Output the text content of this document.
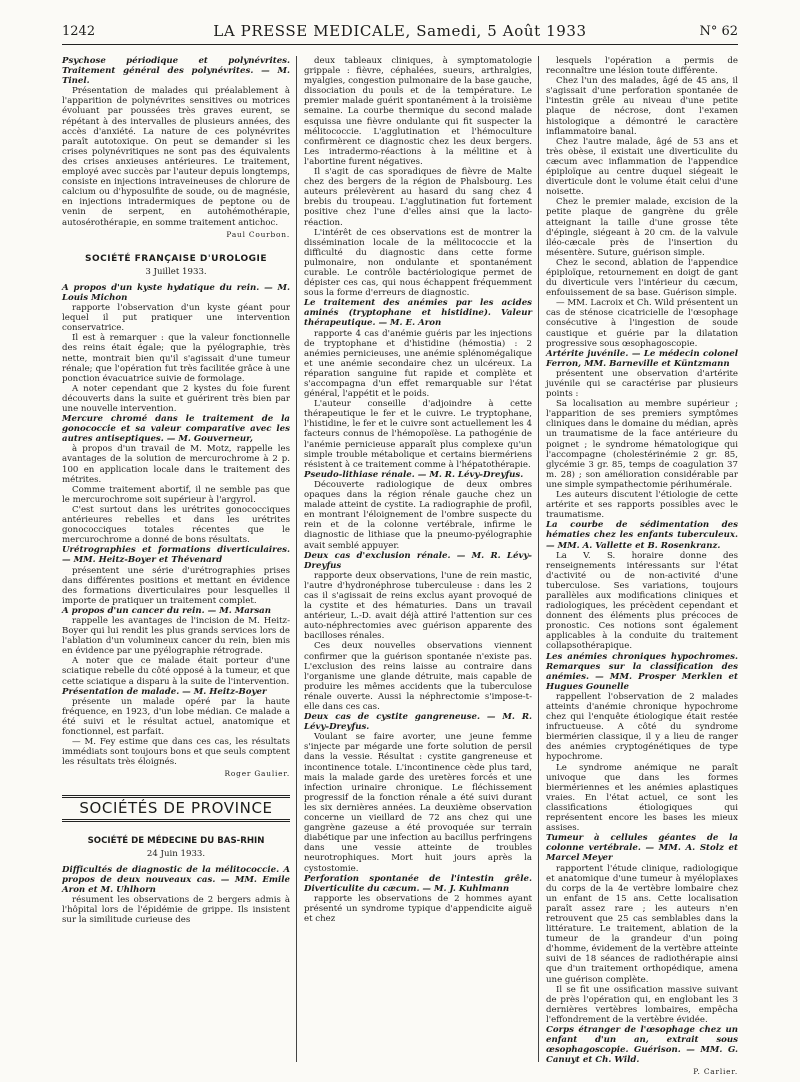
1242	LA PRESSE MEDICALE, Samedi, 5 Août 1933	N° 62

Psychose périodique et polynévrites. Traitement général des polynévrites. — M. Tinel.

Présentation de malades qui préalablement à l'apparition de polynévrites sensitives ou motrices évoluant par poussées très graves eurent, se répétant à des intervalles de plusieurs années, des accès d'anxiété. La nature de ces polynévrites paraît autotoxique. On peut se demander si les crises polynévritiques ne sont pas des équivalents des crises anxieuses antérieures. Le traitement, employé avec succès par l'auteur depuis longtemps, consiste en injections intraveineuses de chlorure de calcium ou d'hyposulfite de soude, ou de magnésie, en injections intradermiques de peptone ou de venin de serpent, en autohémothérapie, autosérothérapie, en somme traitement antichoc.

Paul Courbon.

SOCIÉTÉ FRANÇAISE D'UROLOGIE

3 Juillet 1933.

A propos d'un kyste hydatique du rein. — M. Louis Michon

rapporte l'observation d'un kyste géant pour lequel il put pratiquer une intervention conservatrice.

Il est à remarquer : que la valeur fonctionnelle des reins était égale; que la pyélographie, très nette, montrait bien qu'il s'agissait d'une tumeur rénale; que l'opération fut très facilitée grâce à une ponction évacuatrice suivie de formolage.

A noter cependant que 2 kystes du foie furent découverts dans la suite et guérirent très bien par une nouvelle intervention.

Mercure chromé dans le traitement de la gonococcie et sa valeur comparative avec les autres antiseptiques. — M. Gouverneur,

à propos d'un travail de M. Motz, rappelle les avantages de la solution de mercurochrome à 2 p. 100 en application locale dans le traitement des métrites.

Comme traitement abortif, il ne semble pas que le mercurochrome soit supérieur à l'argyrol.

C'est surtout dans les urétrites gonococciques antérieures rebelles et dans les urétrites gonococciques totales récentes que le mercurochrome a donné de bons résultats.

Urétrographies et formations diverticulaires. — MM. Heitz-Boyer et Thévenard

présentent une série d'urétrographies prises dans différentes positions et mettant en évidence des formations diverticulaires pour lesquelles il importe de pratiquer un traitement complet.

A propos d'un cancer du rein. — M. Marsan

rappelle les avantages de l'incision de M. Heitz-Boyer qui lui rendit les plus grands services lors de l'ablation d'un volumineux cancer du rein, bien mis en évidence par une pyélographie rétrograde.

A noter que ce malade était porteur d'une sciatique rebelle du côté opposé à la tumeur, et que cette sciatique a disparu à la suite de l'intervention.

Présentation de malade. — M. Heitz-Boyer

présente un malade opéré par la haute fréquence, en 1923, d'un lobe médian. Ce malade a été suivi et le résultat actuel, anatomique et fonctionnel, est parfait.

— M. Fey estime que dans ces cas, les résultats immédiats sont toujours bons et que seuls comptent les résultats très éloignés.

Roger Gaulier.

SOCIÉTÉS DE PROVINCE
SOCIÉTÉ DE MÉDECINE DU BAS-RHIN

24 Juin 1933.

Difficultés de diagnostic de la mélitococcie. A propos de deux nouveaux cas. — MM. Emile Aron et M. Uhlhorn

résument les observations de 2 bergers admis à l'hôpital lors de l'épidémie de grippe. Ils insistent sur la similitude curieuse des

deux tableaux cliniques, à symptomatologie grippale : fièvre, céphalées, sueurs, arthralgies, myalgies, congestion pulmonaire de la base gauche, dissociation du pouls et de la température. Le premier malade guérit spontanément à la troisième semaine. La courbe thermique du second malade esquissa une fièvre ondulante qui fit suspecter la mélitococcie. L'agglutination et l'hémoculture confirmèrent ce diagnostic chez les deux bergers. Les intradermo-réactions à la mélitine et à l'abortine furent négatives.

Il s'agit de cas sporadiques de fièvre de Malte chez des bergers de la région de Phalsbourg. Les auteurs prélevèrent au hasard du sang chez 4 brebis du troupeau. L'agglutination fut fortement positive chez l'une d'elles ainsi que la lacto-réaction.

L'intérêt de ces observations est de montrer la dissémination locale de la mélitococcie et la difficulté du diagnostic dans cette forme pulmonaire, non ondulante et spontanément curable. Le contrôle bactériologique permet de dépister ces cas, qui nous échappent fréquemment sous la forme d'erreurs de diagnostic.

Le traitement des anémies par les acides aminés (tryptophane et histidine). Valeur thérapeutique. — M. E. Aron

rapporte 4 cas d'anémie guéris par les injections de tryptophane et d'histidine (hémostia) : 2 anémies pernicieuses, une anémie splénomégalique et une anémie secondaire chez un ulcéreux. La réparation sanguine fut rapide et complète et s'accompagna d'un effet remarquable sur l'état général, l'appétit et le poids.

L'auteur conseille d'adjoindre à cette thérapeutique le fer et le cuivre. Le tryptophane, l'histidine, le fer et le cuivre sont actuellement les 4 facteurs connus de l'hémopoïèse. La pathogénie de l'anémie pernicieuse apparaît plus complexe qu'un simple trouble métabolique et certains biermériens résistent à ce traitement comme à l'hépatothérapie.

Pseudo-lithiase rénale. — M. R. Lévy-Dreyfus.

Découverte radiologique de deux ombres opaques dans la région rénale gauche chez un malade atteint de cystite. La radiographie de profil, en montrant l'éloignement de l'ombre suspecte du rein et de la colonne vertébrale, infirme le diagnostic de lithiase que la pneumo-pyélographie avait semblé appuyer.

Deux cas d'exclusion rénale. — M. R. Lévy-Dreyfus

rapporte deux observations, l'une de rein mastic, l'autre d'hydronéphrose tuberculeuse : dans les 2 cas il s'agissait de reins exclus ayant provoqué de la cystite et des hématuries. Dans un travail antérieur, L.-D. avait déjà attiré l'attention sur ces auto-néphrectomies avec guérison apparente des bacilloses rénales.

Ces deux nouvelles observations viennent confirmer que la guérison spontanée n'existe pas. L'exclusion des reins laisse au contraire dans l'organisme une glande détruite, mais capable de produire les mêmes accidents que la tuberculose rénale ouverte. Aussi la néphrectomie s'impose-t-elle dans ces cas.

Deux cas de cystite gangreneuse. — M. R. Lévy-Dreyfus.

Voulant se faire avorter, une jeune femme s'injecte par mégarde une forte solution de persil dans la vessie. Résultat : cystite gangreneuse et incontinence totale. L'incontinence cède plus tard, mais la malade garde des uretères forcés et une infection urinaire chronique. Le fléchissement progressif de la fonction rénale a été suivi durant les six dernières années. La deuxième observation concerne un vieillard de 72 ans chez qui une gangrène gazeuse a été provoquée sur terrain diabétique par une infection au bacillus perfringens dans une vessie atteinte de troubles neurotrophiques. Mort huit jours après la cystostomie.

Perforation spontanée de l'intestin grêle. Diverticulite du cæcum. — M. J. Kuhlmann

rapporte les observations de 2 hommes ayant présenté un syndrome typique d'appendicite aiguë et chez

lesquels l'opération a permis de reconnaître une lésion toute différente.

Chez l'un des malades, âgé de 45 ans, il s'agissait d'une perforation spontanée de l'intestin grêle au niveau d'une petite plaque de nécrose, dont l'examen histologique a démontré le caractère inflammatoire banal.

Chez l'autre malade, âgé de 53 ans et très obèse, il existait une diverticulite du cæcum avec inflammation de l'appendice épiploïque au centre duquel siégeait le diverticule dont le volume était celui d'une noisette.

Chez le premier malade, excision de la petite plaque de gangrène du grêle atteignant la taille d'une grosse tête d'épingle, siégeant à 20 cm. de la valvule iléo-cæcale près de l'insertion du mésentère. Suture, guérison simple.

Chez le second, ablation de l'appendice épiploïque, retournement en doigt de gant du diverticule vers l'intérieur du cæcum, enfouissement de sa base. Guérison simple.

— MM. Lacroix et Ch. Wild présentent un cas de sténose cicatricielle de l'œsophage consécutive à l'ingestion de soude caustique et guérie par la dilatation progressive sous œsophagoscopie.

Artérite juvénile. — Le médecin colonel Ferron, MM. Barneville et Küntzmann

présentent une observation d'artérite juvénile qui se caractérise par plusieurs points :

Sa localisation au membre supérieur ; l'apparition de ses premiers symptômes cliniques dans le domaine du médian, après un traumatisme de la face antérieure du poignet ; le syndrome hématologique qui l'accompagne (cholestérinémie 2 gr. 85, glycémie 3 gr. 85, temps de coagulation 37 m. 28) ; son amélioration considérable par une simple sympathectomie périhumérale.

Les auteurs discutent l'étiologie de cette artérite et ses rapports possibles avec le traumatisme.

La courbe de sédimentation des hématies chez les enfants tuberculeux. — MM. A. Vallette et B. Rosenkranz.

La V. S. horaire donne des renseignements intéressants sur l'état d'activité ou de non-activité d'une tuberculose. Ses variations, toujours parallèles aux modifications cliniques et radiologiques, les précèdent cependant et donnent des éléments plus précoces de pronostic. Ces notions sont également applicables à la conduite du traitement collapsothérapique.

Les anémies chroniques hypochromes. Remarques sur la classification des anémies. — MM. Prosper Merklen et Hugues Gounelle

rappellent l'observation de 2 malades atteints d'anémie chronique hypochrome chez qui l'enquête étiologique était restée infructueuse. A côté du syndrome biermérien classique, il y a lieu de ranger des anémies cryptogénétiques de type hypochrome.

Le syndrome anémique ne paraît univoque que dans les formes biermériennes et les anémies aplastiques vraies. En l'état actuel, ce sont les classifications étiologiques qui représentent encore les bases les mieux assises.

Tumeur à cellules géantes de la colonne vertébrale. — MM. A. Stolz et Marcel Meyer

rapportent l'étude clinique, radiologique et anatomique d'une tumeur à myéloplaxes du corps de la 4e vertèbre lombaire chez un enfant de 15 ans. Cette localisation paraît assez rare ; les auteurs n'en retrouvent que 25 cas semblables dans la littérature. Le traitement, ablation de la tumeur de la grandeur d'un poing d'homme, évidement de la vertèbre atteinte suivi de 18 séances de radiothérapie ainsi que d'un traitement orthopédique, amena une guérison complète.

Il se fit une ossification massive suivant de près l'opération qui, en englobant les 3 dernières vertèbres lombaires, empêcha l'effondrement de la vertèbre évidée.

Corps étranger de l'œsophage chez un enfant d'un an, extrait sous œsophagoscopie. Guérison. — MM. G. Canuyt et Ch. Wild.

P. Carlier.
